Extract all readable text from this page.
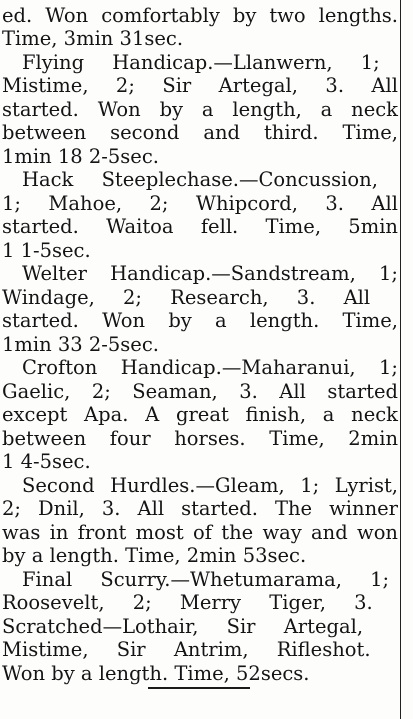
ed. Won comfortably by two lengths.
Time, 3min 31sec.
Flying Handicap.—Llanwern, 1;
Mistime, 2; Sir Artegal, 3. All
started. Won by a length, a neck
between second and third. Time,
1min 18 2-5sec.
Hack Steeplechase.—Concussion,
1; Mahoe, 2; Whipcord, 3. All
started. Waitoa fell. Time, 5min
1 1-5sec.
Welter Handicap.—Sandstream, 1;
Windage, 2; Research, 3. All
started. Won by a length. Time,
1min 33 2-5sec.
Crofton Handicap.—Maharanui, 1;
Gaelic, 2; Seaman, 3. All started
except Apa. A great finish, a neck
between four horses. Time, 2min
1 4-5sec.
Second Hurdles.—Gleam, 1; Lyrist,
2; Dnil, 3. All started. The winner
was in front most of the way and won
by a length. Time, 2min 53sec.
Final Scurry.—Whetumarama, 1;
Roosevelt, 2; Merry Tiger, 3.
Scratched—Lothair, Sir Artegal,
Mistime, Sir Antrim, Rifleshot.
Won by a length. Time, 52secs.
